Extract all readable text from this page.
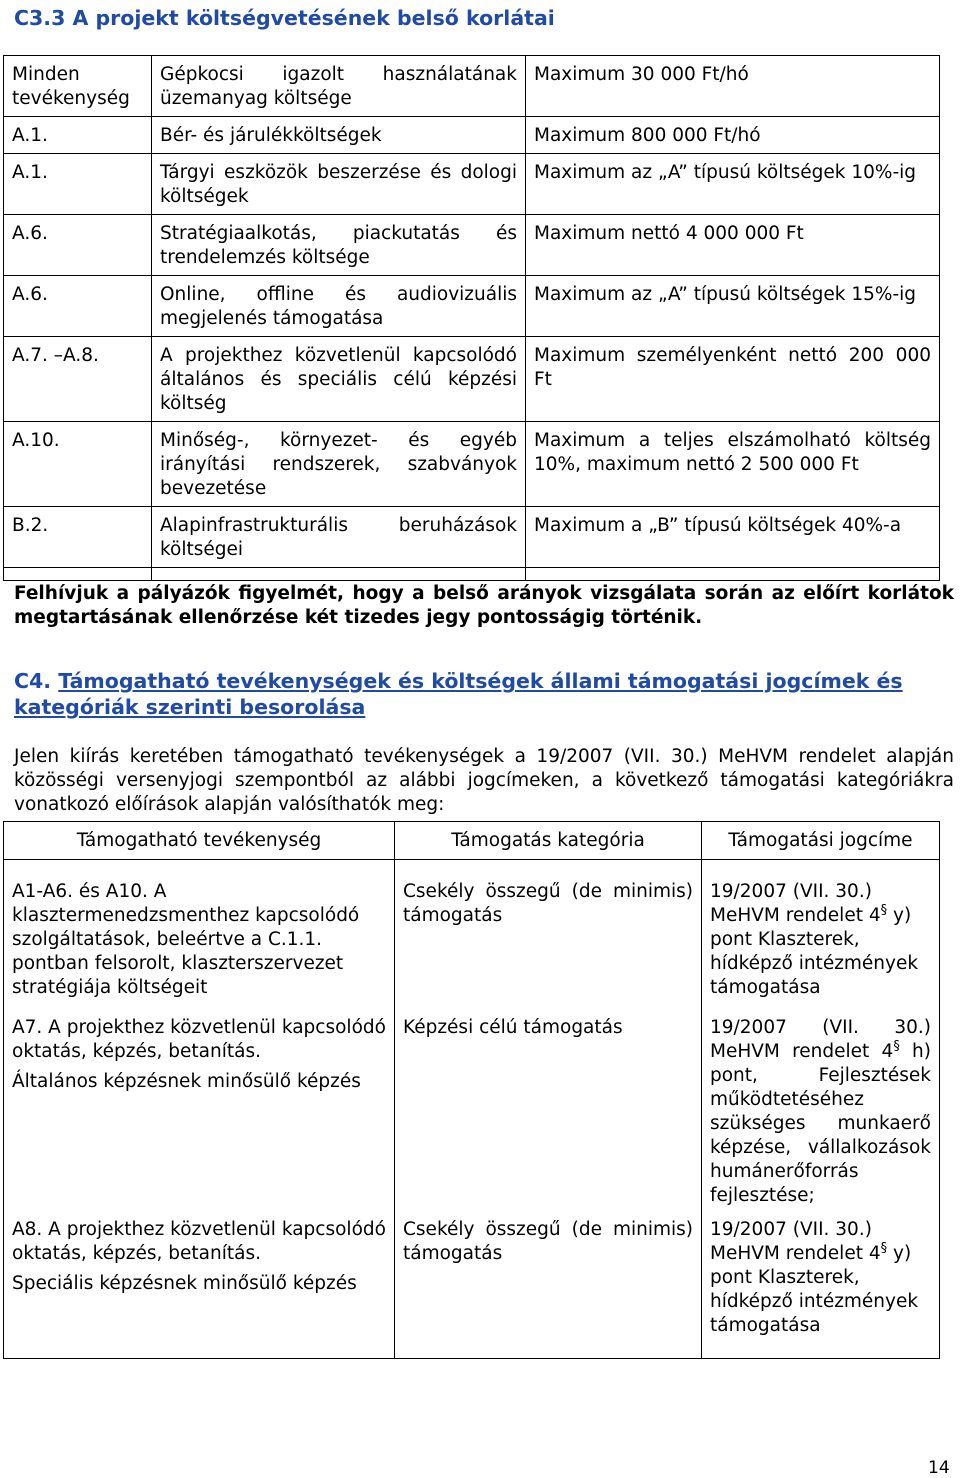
C3.3 A projekt költségvetésének belső korlátai
Minden tevékenység	Gépkocsi igazolt használatának üzemanyag költsége	Maximum 30 000 Ft/hó
A.1.	Bér- és járulékköltségek	Maximum 800 000 Ft/hó
A.1.	Tárgyi eszközök beszerzése és dologi költségek	Maximum az „A” típusú költségek 10%-ig
A.6.	Stratégiaalkotás, piackutatás és trendelemzés költsége	Maximum nettó 4 000 000 Ft
A.6.	Online, offline és audiovizuális megjelenés támogatása	Maximum az „A” típusú költségek 15%-ig
A.7. –A.8.	A projekthez közvetlenül kapcsolódó általános és speciális célú képzési költség	Maximum személyenként nettó 200 000 Ft
A.10.	Minőség-, környezet- és egyéb irányítási rendszerek, szabványok bevezetése	Maximum a teljes elszámolható költség 10%, maximum nettó 2 500 000 Ft
B.2.	Alapinfrastrukturális beruházások költségei	Maximum a „B” típusú költségek 40%-a

Felhívjuk a pályázók figyelmét, hogy a belső arányok vizsgálata során az előírt korlátok megtartásának ellenőrzése két tizedes jegy pontosságig történik.

C4. Támogatható tevékenységek és költségek állami támogatási jogcímek és kategóriák szerinti besorolása

Jelen kiírás keretében támogatható tevékenységek a 19/2007 (VII. 30.) MeHVM rendelet alapján közösségi versenyjogi szempontból az alábbi jogcímeken, a következő támogatási kategóriákra vonatkozó előírások alapján valósíthatók meg:

Támogatható tevékenység	Támogatás kategória	Támogatási jogcíme

A1-A6. és A10. A klasztermenedzsmenthez kapcsolódó szolgáltatások, beleértve a C.1.1. pontban felsorolt, klaszterszervezet stratégiája költségeit	Csekély összegű (de minimis) támogatás	19/2007 (VII. 30.) MeHVM rendelet 4§ y) pont Klaszterek, hídképző intézmények támogatása

A7. A projekthez közvetlenül kapcsolódó oktatás, képzés, betanítás.

Általános képzésnek minősülő képzés	Képzési célú támogatás	19/2007 (VII. 30.) MeHVM rendelet 4§ h) pont, Fejlesztések működtetéséhez szükséges munkaerő képzése, vállalkozások humánerőforrás fejlesztése;

A8. A projekthez közvetlenül kapcsolódó oktatás, képzés, betanítás.

Speciális képzésnek minősülő képzés	Csekély összegű (de minimis) támogatás	19/2007 (VII. 30.) MeHVM rendelet 4§ y) pont Klaszterek, hídképző intézmények támogatása
14
